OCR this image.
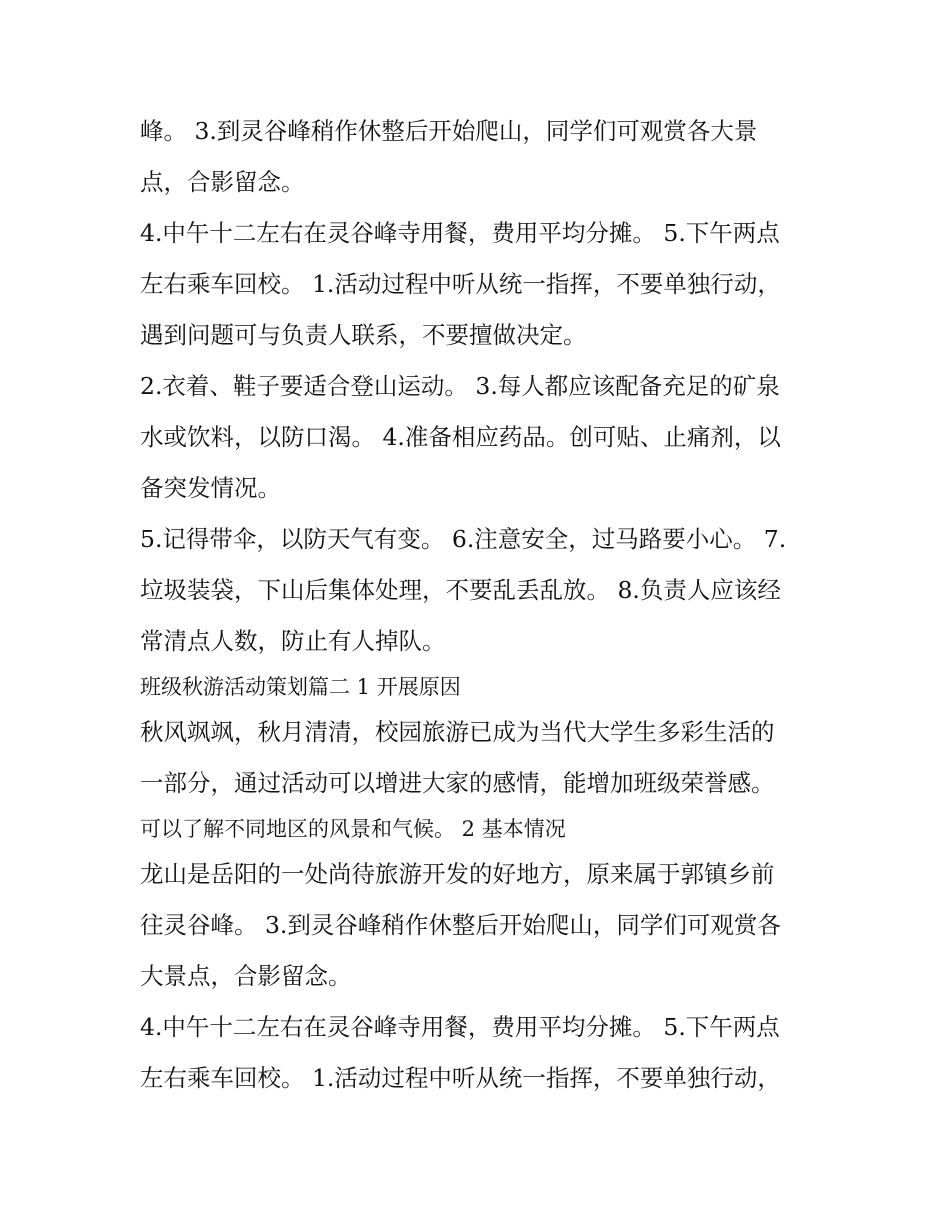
峰。 3.到灵谷峰稍作休整后开始爬山，同学们可观赏各大景
点，合影留念。

4.中午十二左右在灵谷峰寺用餐，费用平均分摊。 5.下午两点
左右乘车回校。 1.活动过程中听从统一指挥，不要单独行动，
遇到问题可与负责人联系，不要擅做决定。

2.衣着、鞋子要适合登山运动。 3.每人都应该配备充足的矿泉
水或饮料，以防口渴。 4.准备相应药品。创可贴、止痛剂，以
备突发情况。

5.记得带伞，以防天气有变。 6.注意安全，过马路要小心。 7.
垃圾装袋，下山后集体处理，不要乱丢乱放。 8.负责人应该经
常清点人数，防止有人掉队。

班级秋游活动策划篇二 1 开展原因

秋风飒飒，秋月清清，校园旅游已成为当代大学生多彩生活的
一部分，通过活动可以增进大家的感情，能增加班级荣誉感。

可以了解不同地区的风景和气候。 2 基本情况

龙山是岳阳的一处尚待旅游开发的好地方，原来属于郭镇乡前
往灵谷峰。 3.到灵谷峰稍作休整后开始爬山，同学们可观赏各
大景点，合影留念。

4.中午十二左右在灵谷峰寺用餐，费用平均分摊。 5.下午两点
左右乘车回校。 1.活动过程中听从统一指挥，不要单独行动，
